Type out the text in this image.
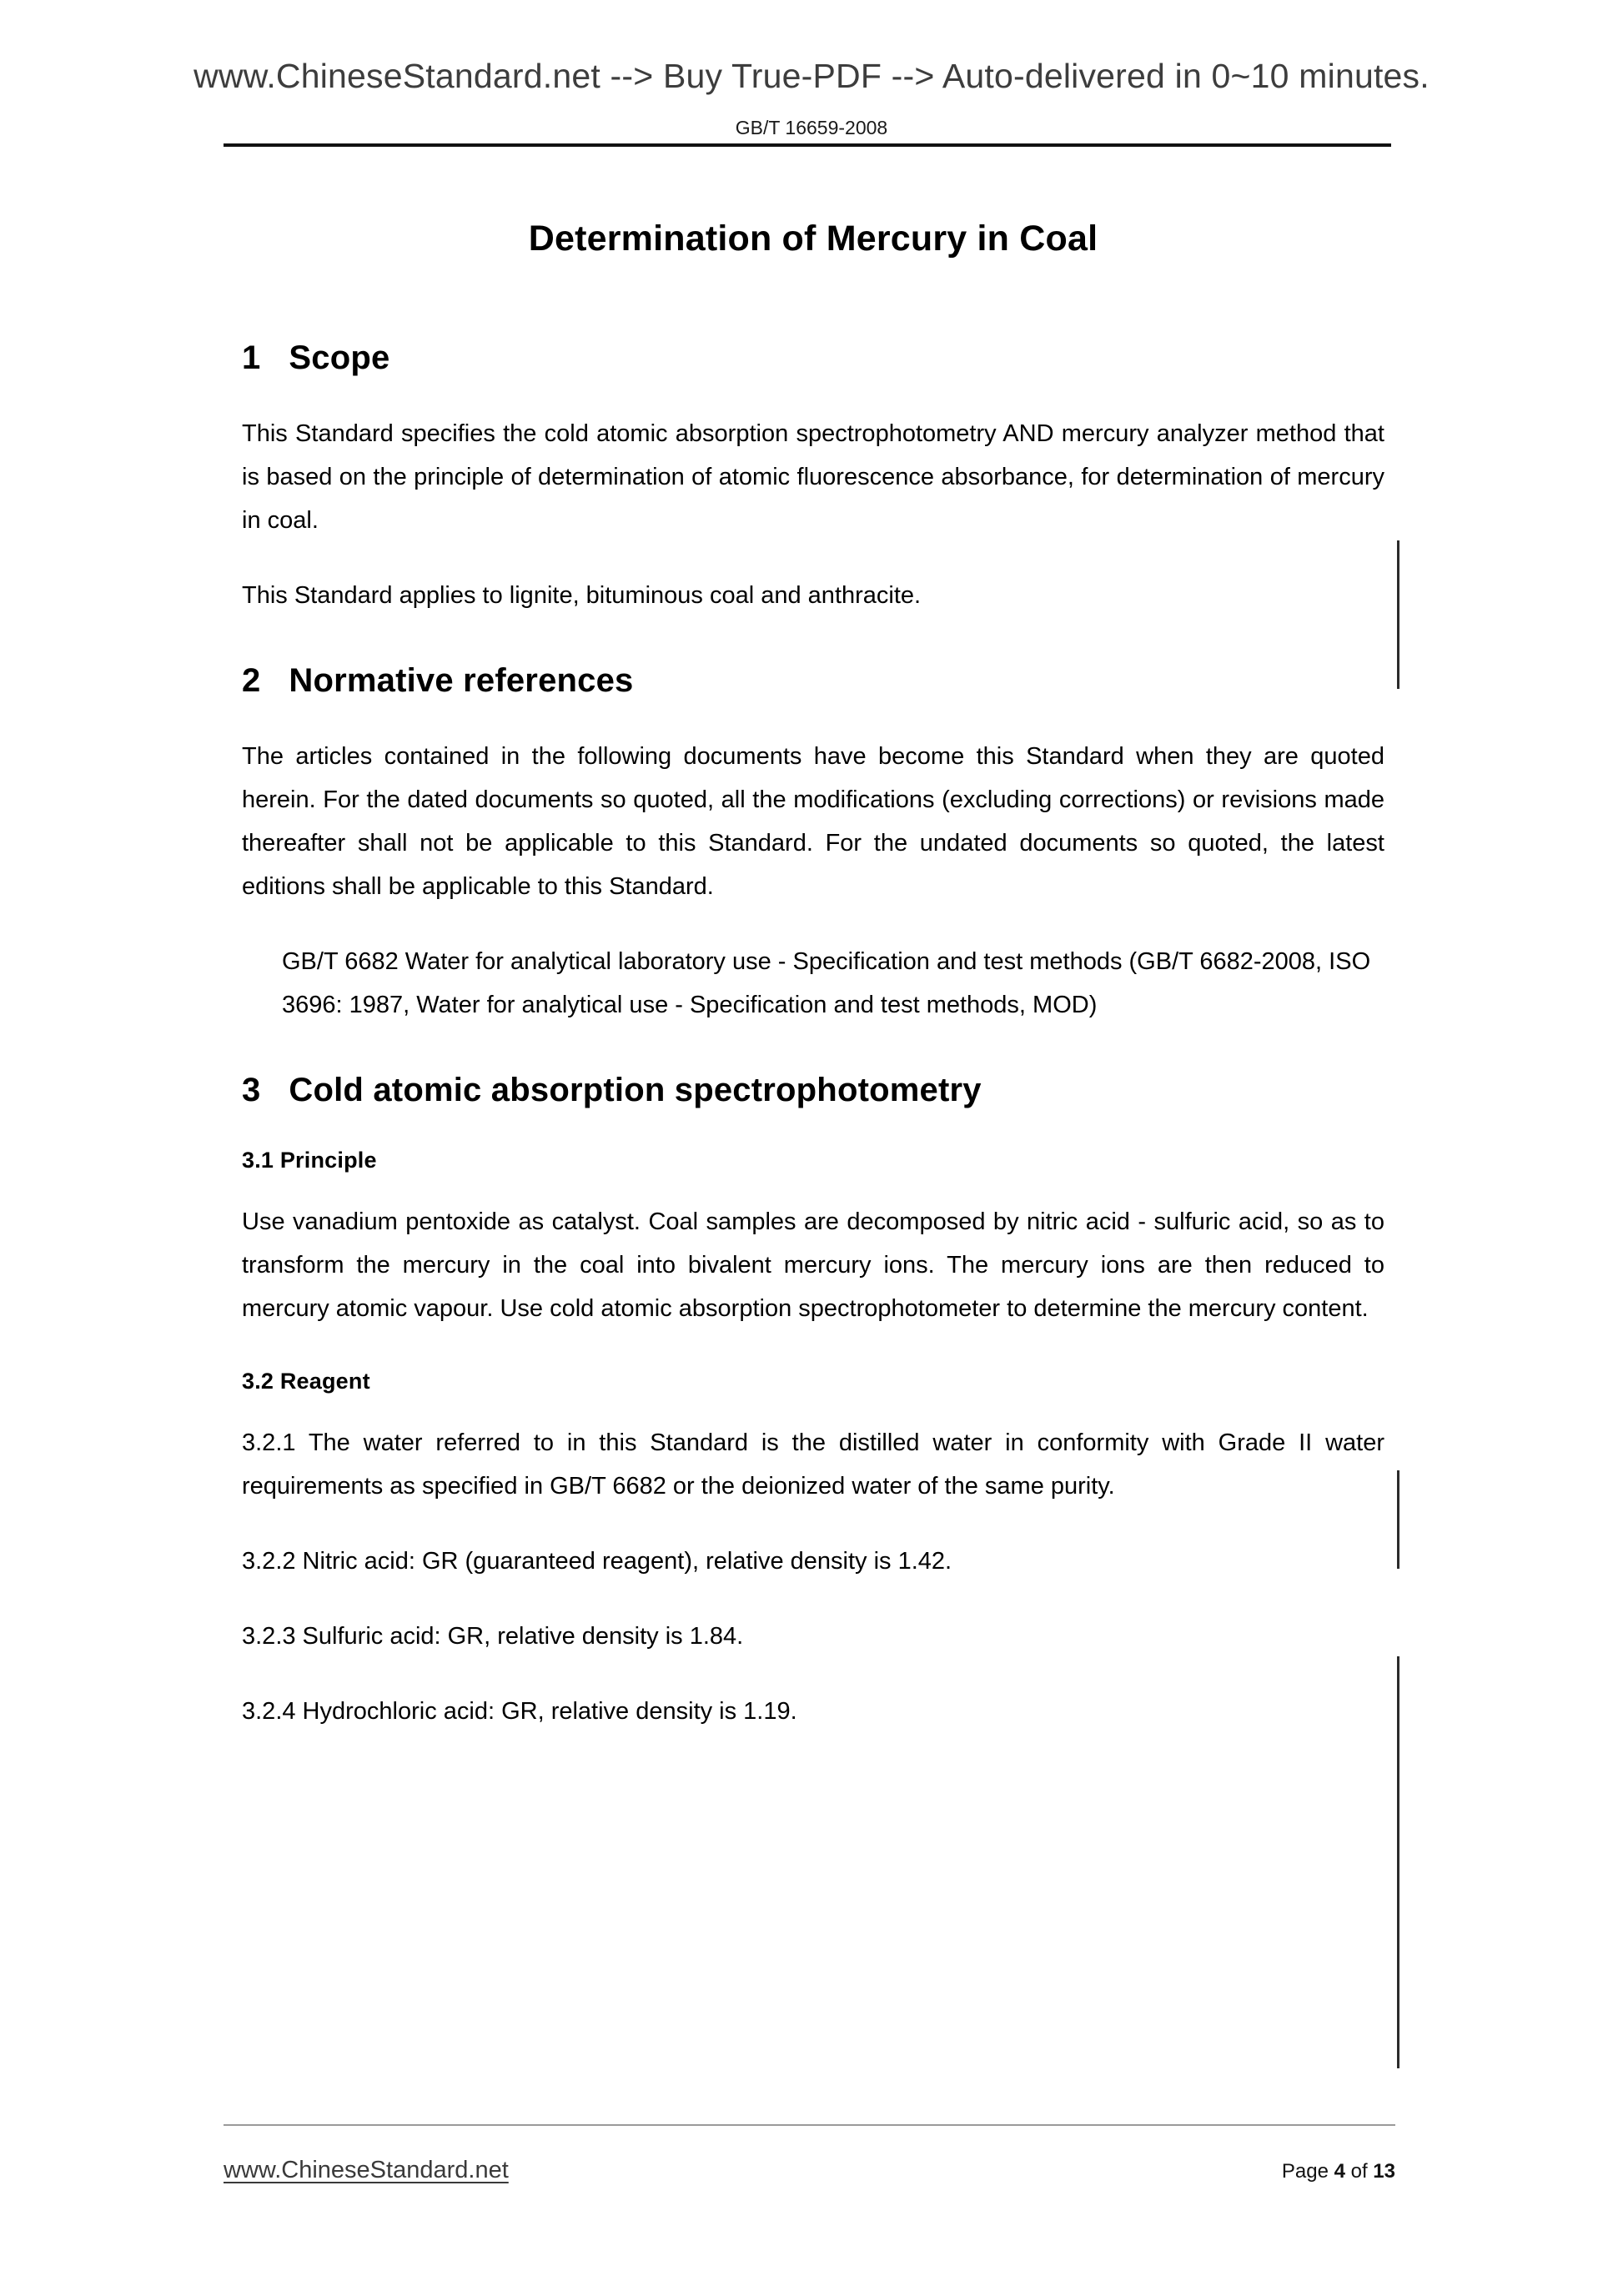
www.ChineseStandard.net --> Buy True-PDF --> Auto-delivered in 0~10 minutes.
GB/T 16659-2008
Determination of Mercury in Coal
1   Scope

This Standard specifies the cold atomic absorption spectrophotometry AND mercury analyzer method that is based on the principle of determination of atomic fluorescence absorbance, for determination of mercury in coal.

This Standard applies to lignite, bituminous coal and anthracite.

2   Normative references

The articles contained in the following documents have become this Standard when they are quoted herein. For the dated documents so quoted, all the modifications (excluding corrections) or revisions made thereafter shall not be applicable to this Standard. For the undated documents so quoted, the latest editions shall be applicable to this Standard.

GB/T 6682 Water for analytical laboratory use - Specification and test methods (GB/T 6682-2008, ISO 3696: 1987, Water for analytical use - Specification and test methods, MOD)

3   Cold atomic absorption spectrophotometry
3.1 Principle

Use vanadium pentoxide as catalyst. Coal samples are decomposed by nitric acid - sulfuric acid, so as to transform the mercury in the coal into bivalent mercury ions. The mercury ions are then reduced to mercury atomic vapour. Use cold atomic absorption spectrophotometer to determine the mercury content.

3.2 Reagent

3.2.1 The water referred to in this Standard is the distilled water in conformity with Grade II water requirements as specified in GB/T 6682 or the deionized water of the same purity.

3.2.2 Nitric acid: GR (guaranteed reagent), relative density is 1.42.

3.2.3 Sulfuric acid: GR, relative density is 1.84.

3.2.4 Hydrochloric acid: GR, relative density is 1.19.

www.ChineseStandard.net	Page 4 of 13
